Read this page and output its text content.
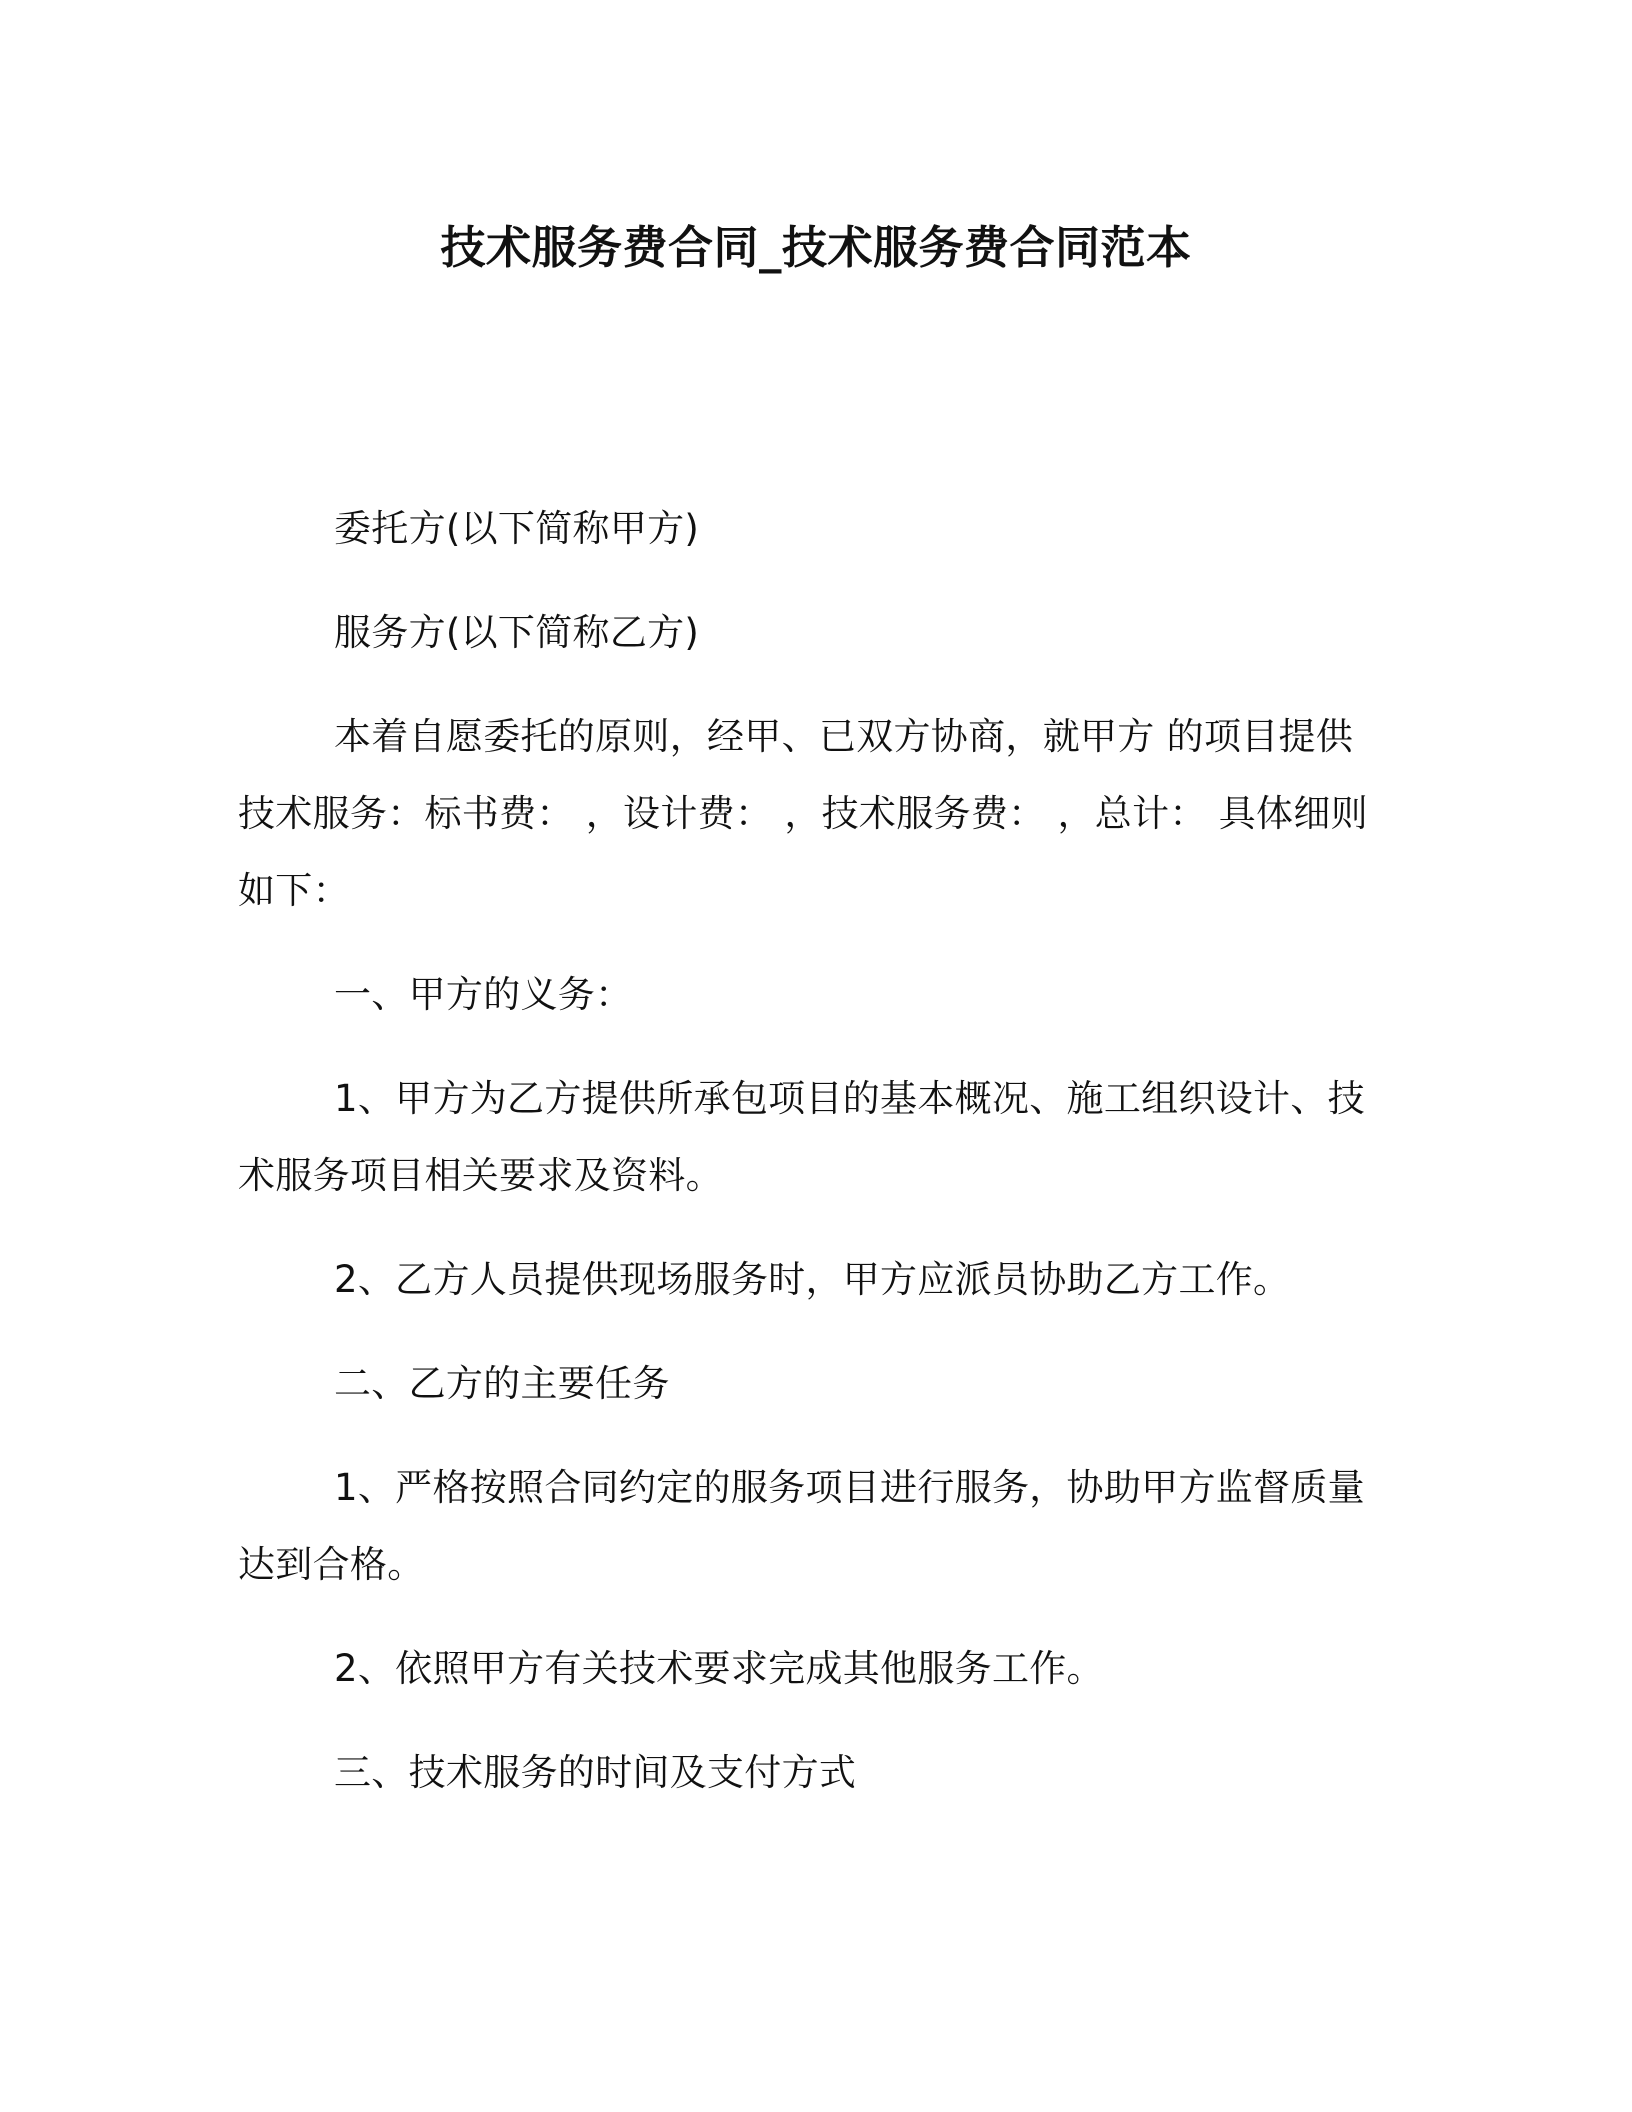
技术服务费合同_技术服务费合同范本

委托方(以下简称甲方)

服务方(以下简称乙方)

本着自愿委托的原则，经甲、已双方协商，就甲方 的项目提供技术服务：标书费： ，设计费： ，技术服务费： ，总计： 具体细则如下：

一、甲方的义务：

1、甲方为乙方提供所承包项目的基本概况、施工组织设计、技术服务项目相关要求及资料。

2、乙方人员提供现场服务时，甲方应派员协助乙方工作。

二、乙方的主要任务

1、严格按照合同约定的服务项目进行服务，协助甲方监督质量达到合格。

2、依照甲方有关技术要求完成其他服务工作。

三、技术服务的时间及支付方式
